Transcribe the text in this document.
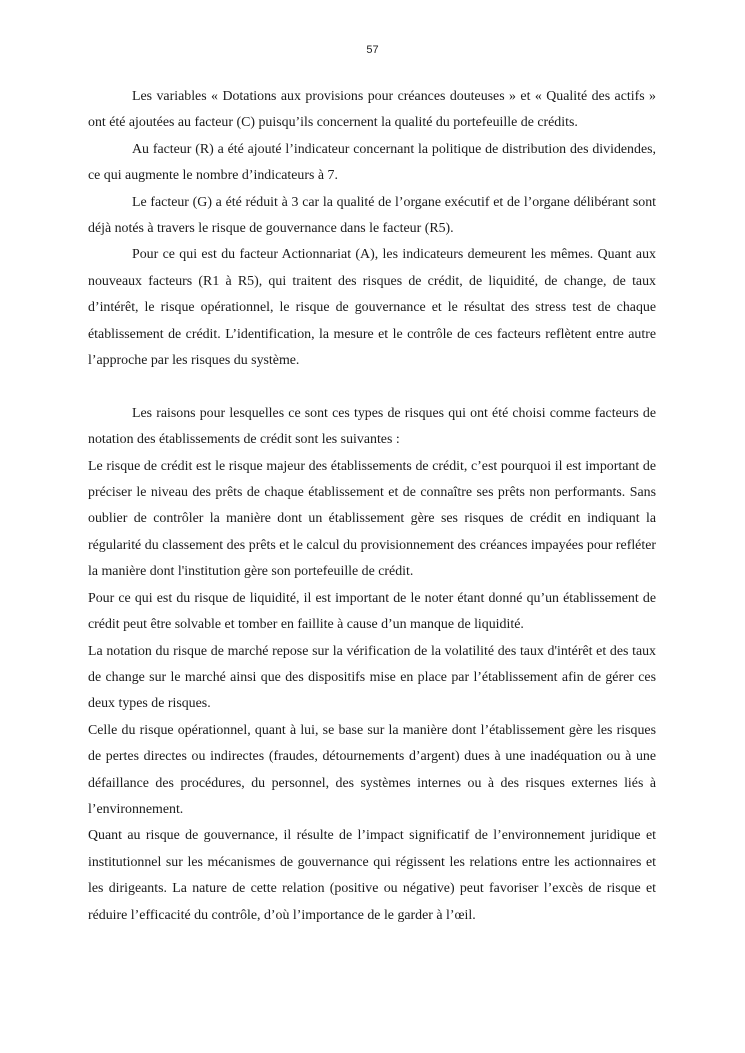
57

Les variables « Dotations aux provisions pour créances douteuses » et « Qualité des actifs » ont été ajoutées au facteur (C) puisqu’ils concernent la qualité du portefeuille de crédits.

Au facteur (R) a été ajouté l’indicateur concernant la politique de distribution des dividendes, ce qui augmente le nombre d’indicateurs à 7.

Le facteur (G) a été réduit à 3 car la qualité de l’organe exécutif et de l’organe délibérant sont déjà notés à travers le risque de gouvernance dans le facteur (R5).

Pour ce qui est du facteur Actionnariat (A), les indicateurs demeurent les mêmes. Quant aux nouveaux facteurs (R1 à R5), qui traitent des risques de crédit, de liquidité, de change, de taux d’intérêt, le risque opérationnel, le risque de gouvernance et le résultat des stress test de chaque établissement de crédit. L’identification, la mesure et le contrôle de ces facteurs reflètent entre autre l’approche par les risques du système.

Les raisons pour lesquelles ce sont ces types de risques qui ont été choisi comme facteurs de notation des établissements de crédit sont les suivantes :

Le risque de crédit est le risque majeur des établissements de crédit, c’est pourquoi il est important de préciser le niveau des prêts de chaque établissement et de connaître ses prêts non performants. Sans oublier de contrôler la manière dont un établissement gère ses risques de crédit en indiquant la régularité du classement des prêts et le calcul du provisionnement des créances impayées pour refléter la manière dont l'institution gère son portefeuille de crédit.

Pour ce qui est du risque de liquidité, il est important de le noter étant donné qu’un établissement de crédit peut être solvable et tomber en faillite à cause d’un manque de liquidité.

La notation du risque de marché repose sur la vérification de la volatilité des taux d'intérêt et des taux de change sur le marché ainsi que des dispositifs mise en place par l’établissement afin de gérer ces deux types de risques.

Celle du risque opérationnel, quant à lui, se base sur la manière dont l’établissement gère les risques de pertes directes ou indirectes (fraudes, détournements d’argent) dues à une inadéquation ou à une défaillance des procédures, du personnel, des systèmes internes ou à des risques externes liés à l’environnement.

Quant au risque de gouvernance, il résulte de l’impact significatif de l’environnement juridique et institutionnel sur les mécanismes de gouvernance qui régissent les relations entre les actionnaires et les dirigeants. La nature de cette relation (positive ou négative) peut favoriser l’excès de risque et réduire l’efficacité du contrôle, d’où l’importance de le garder à l’œil.
